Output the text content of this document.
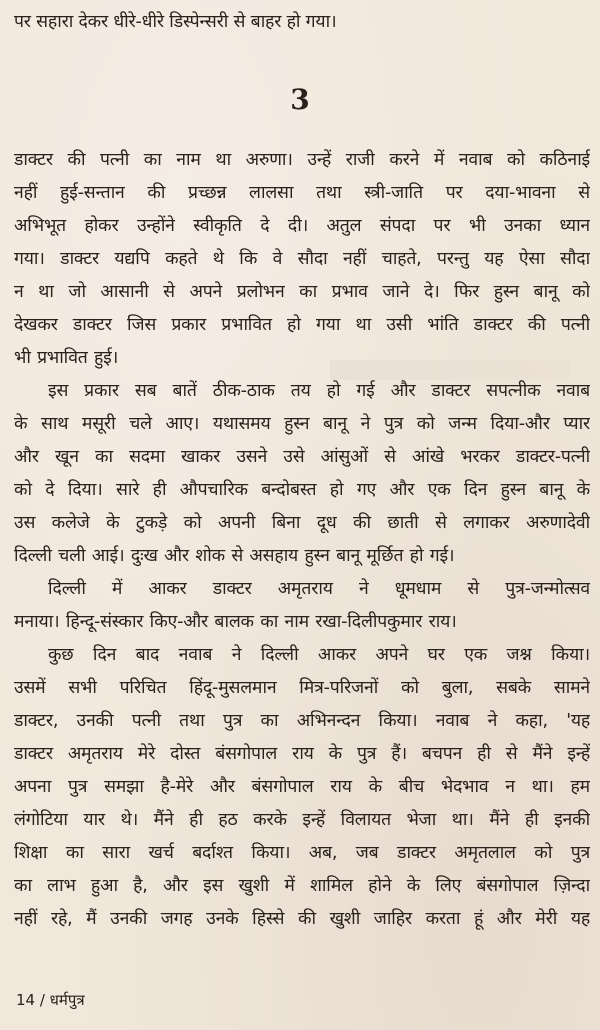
पर सहारा देकर धीरे-धीरे डिस्पेन्सरी से बाहर हो गया।
3
डाक्टर की पत्नी का नाम था अरुणा। उन्हें राजी करने में नवाब को कठिनाई
नहीं हुई-सन्तान की प्रच्छन्न लालसा तथा स्त्री-जाति पर दया-भावना से
अभिभूत होकर उन्होंने स्वीकृति दे दी। अतुल संपदा पर भी उनका ध्यान
गया। डाक्टर यद्यपि कहते थे कि वे सौदा नहीं चाहते, परन्तु यह ऐसा सौदा
न था जो आसानी से अपने प्रलोभन का प्रभाव जाने दे। फिर हुस्न बानू को
देखकर डाक्टर जिस प्रकार प्रभावित हो गया था उसी भांति डाक्टर की पत्नी
भी प्रभावित हुई।
इस प्रकार सब बातें ठीक-ठाक तय हो गई और डाक्टर सपत्नीक नवाब
के साथ मसूरी चले आए। यथासमय हुस्न बानू ने पुत्र को जन्म दिया-और प्यार
और खून का सदमा खाकर उसने उसे आंसुओं से आंखे भरकर डाक्टर-पत्नी
को दे दिया। सारे ही औपचारिक बन्दोबस्त हो गए और एक दिन हुस्न बानू के
उस कलेजे के टुकड़े को अपनी बिना दूध की छाती से लगाकर अरुणादेवी
दिल्ली चली आई। दुःख और शोक से असहाय हुस्न बानू मूर्छित हो गई।
दिल्ली में आकर डाक्टर अमृतराय ने धूमधाम से पुत्र-जन्मोत्सव
मनाया। हिन्दू-संस्कार किए-और बालक का नाम रखा-दिलीपकुमार राय।
कुछ दिन बाद नवाब ने दिल्ली आकर अपने घर एक जश्न किया।
उसमें सभी परिचित हिंदू-मुसलमान मित्र-परिजनों को बुला, सबके सामने
डाक्टर, उनकी पत्नी तथा पुत्र का अभिनन्दन किया। नवाब ने कहा, 'यह
डाक्टर अमृतराय मेरे दोस्त बंसगोपाल राय के पुत्र हैं। बचपन ही से मैंने इन्हें
अपना पुत्र समझा है-मेरे और बंसगोपाल राय के बीच भेदभाव न था। हम
लंगोटिया यार थे। मैंने ही हठ करके इन्हें विलायत भेजा था। मैंने ही इनकी
शिक्षा का सारा खर्च बर्दाश्त किया। अब, जब डाक्टर अमृतलाल को पुत्र
का लाभ हुआ है, और इस खुशी में शामिल होने के लिए बंसगोपाल ज़िन्दा
नहीं रहे, मैं उनकी जगह उनके हिस्से की खुशी जाहिर करता हूं और मेरी यह
14 / धर्मपुत्र
